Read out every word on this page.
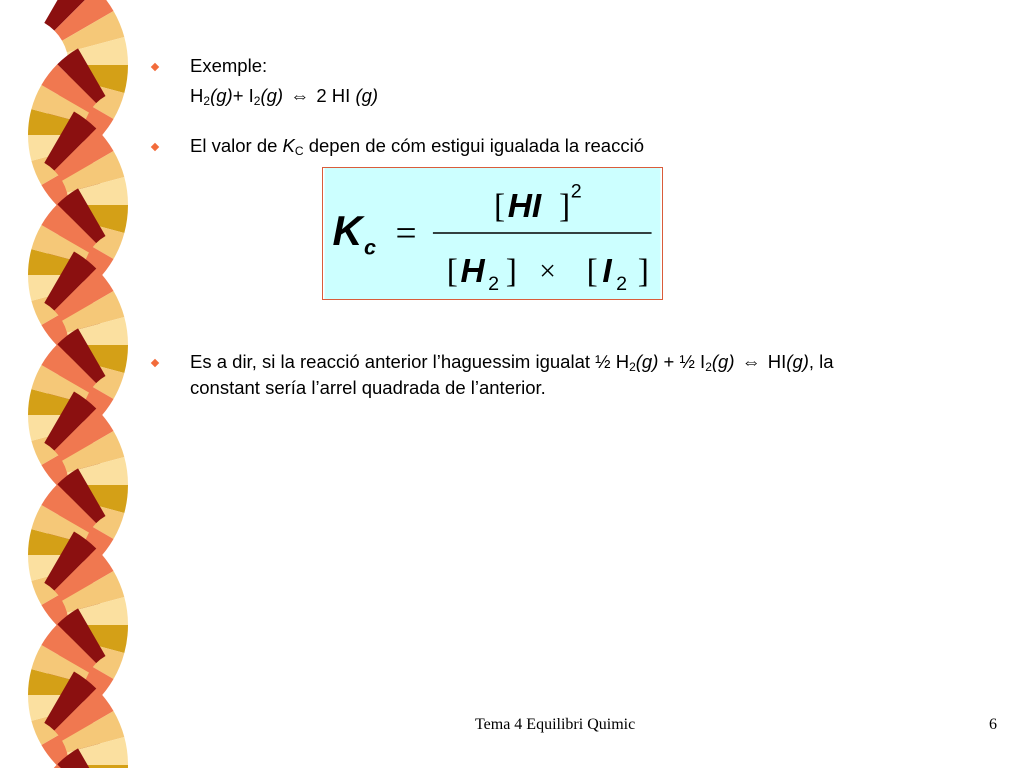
Exemple:
$H_2(g)+ I_2(g)$ ⇔ 2 HI (g)
El valor de $K_C$ depen de cóm estigui igualada la reacció
K c =
[ HI ] 2
[ H 2 ] × [ I 2 ]
Es a dir, si la reacció anterior l’haguessim igualat ½ $H_2(g)$ + ½ $I_2(g)$ ⇔ HI(g), la
constant sería l’arrel quadrada de l’anterior.
Tema 4 Equilibri Quimic	6
